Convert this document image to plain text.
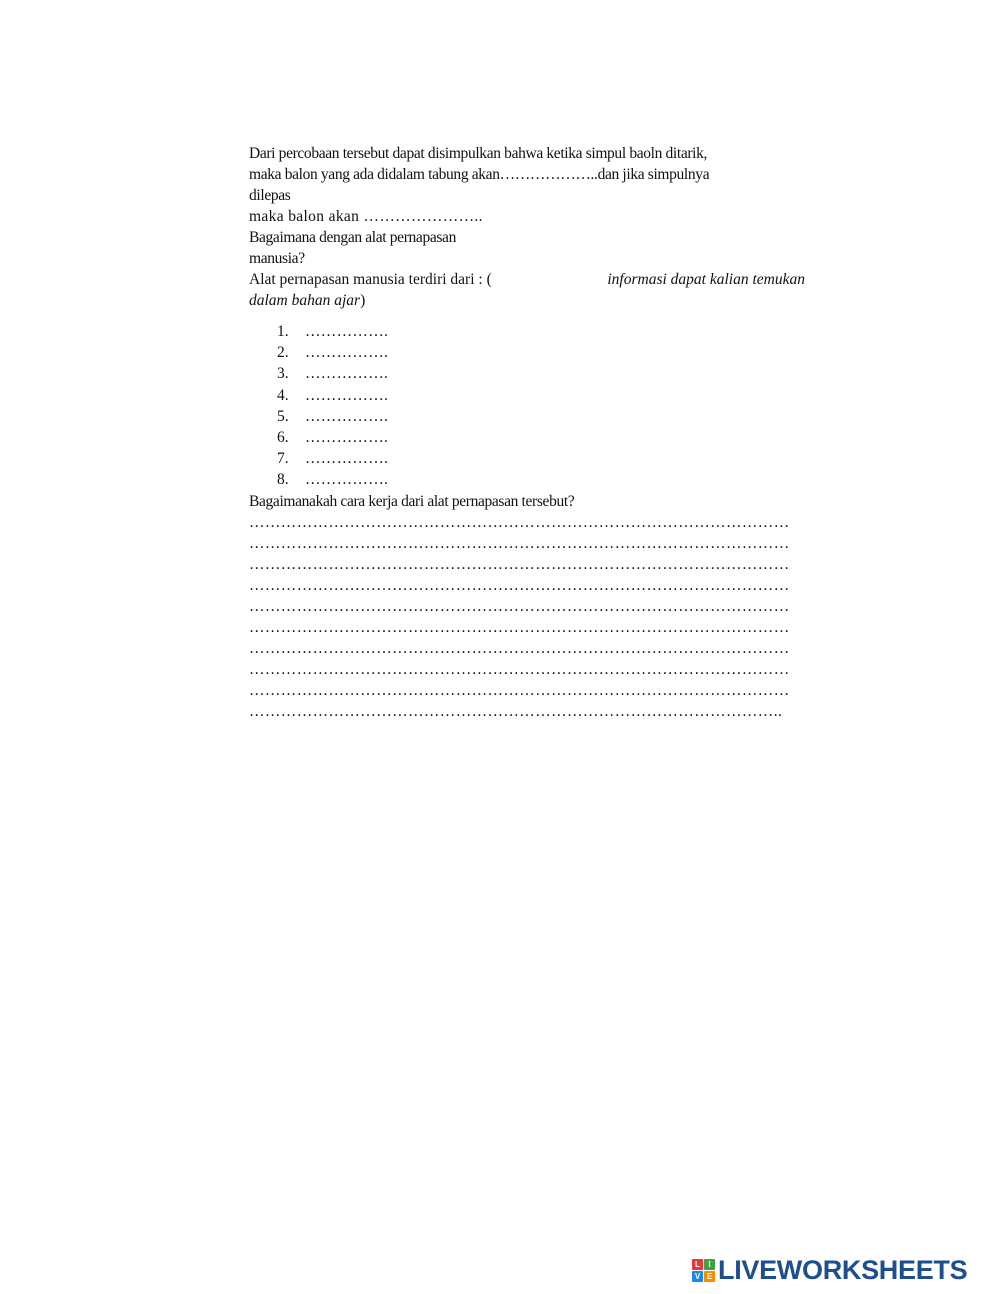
Dari percobaan tersebut dapat disimpulkan bahwa ketika simpul baoln ditarik,
maka balon yang ada didalam tabung akan………………..dan jika simpulnya
dilepas
maka balon akan …………………..
Bagaimana dengan alat pernapasan
manusia?
Alat pernapasan manusia terdiri dari : (	informasi dapat kalian temukan
dalam bahan ajar)
1. …………….
2. …………….
3. …………….
4. …………….
5. …………….
6. …………….
7. …………….
8. …………….
Bagaimanakah cara kerja dari alat pernapasan tersebut?
…………………………………………………………………………………………
…………………………………………………………………………………………
…………………………………………………………………………………………
…………………………………………………………………………………………
…………………………………………………………………………………………
…………………………………………………………………………………………
…………………………………………………………………………………………
…………………………………………………………………………………………
…………………………………………………………………………………………
………………………………………………………………………………………..
L	I
V E LIVEWORKSHEETS
